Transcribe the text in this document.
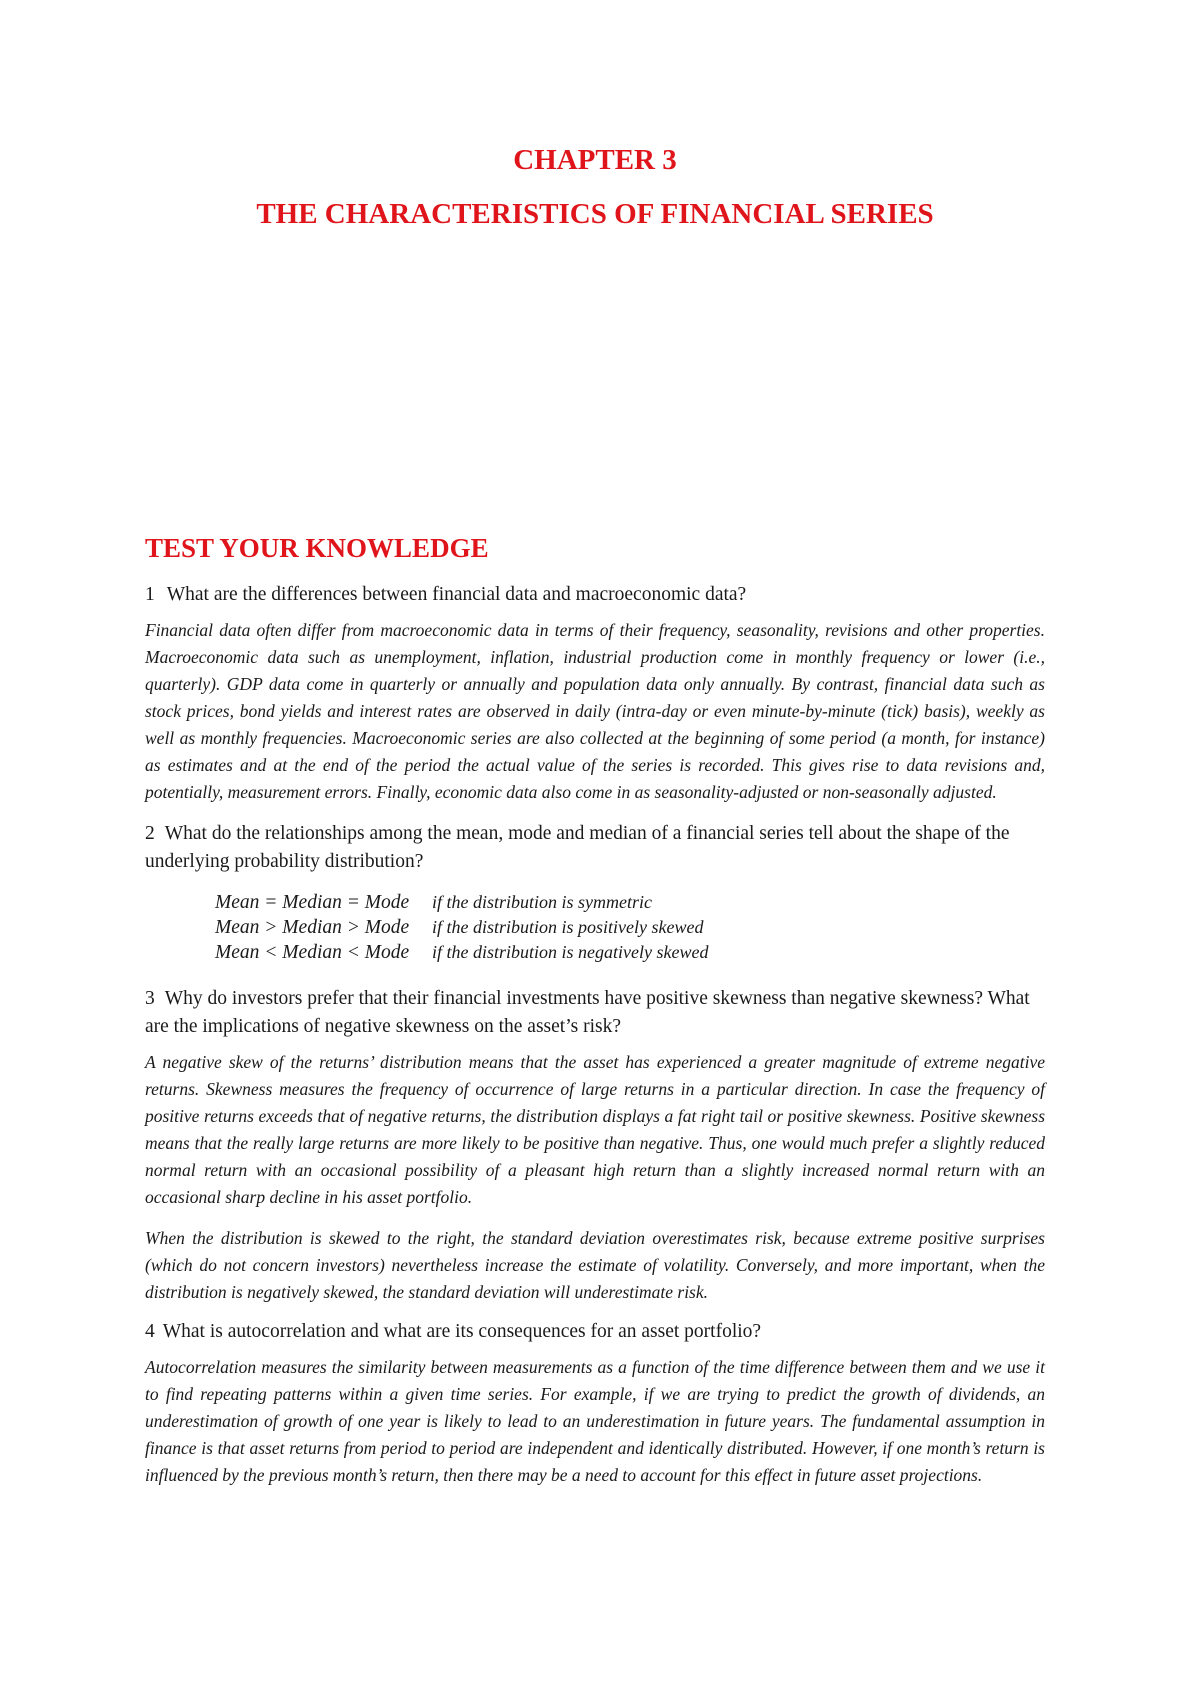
CHAPTER 3
THE CHARACTERISTICS OF FINANCIAL SERIES
TEST YOUR KNOWLEDGE

1 What are the differences between financial data and macroeconomic data?

Financial data often differ from macroeconomic data in terms of their frequency, seasonality, revisions and other properties. Macroeconomic data such as unemployment, inflation, industrial production come in monthly frequency or lower (i.e., quarterly). GDP data come in quarterly or annually and population data only annually. By contrast, financial data such as stock prices, bond yields and interest rates are observed in daily (intra-day or even minute-by-minute (tick) basis), weekly as well as monthly frequencies. Macroeconomic series are also collected at the beginning of some period (a month, for instance) as estimates and at the end of the period the actual value of the series is recorded. This gives rise to data revisions and, potentially, measurement errors. Finally, economic data also come in as seasonality-adjusted or non-seasonally adjusted.

2 What do the relationships among the mean, mode and median of a financial series tell about the shape of the underlying probability distribution?

Mean = Median = Mode	if the distribution is symmetric
Mean > Median > Mode	if the distribution is positively skewed
Mean < Median < Mode	if the distribution is negatively skewed

3 Why do investors prefer that their financial investments have positive skewness than negative skewness? What are the implications of negative skewness on the asset’s risk?

A negative skew of the returns’ distribution means that the asset has experienced a greater magnitude of extreme negative returns. Skewness measures the frequency of occurrence of large returns in a particular direction. In case the frequency of positive returns exceeds that of negative returns, the distribution displays a fat right tail or positive skewness. Positive skewness means that the really large returns are more likely to be positive than negative. Thus, one would much prefer a slightly reduced normal return with an occasional possibility of a pleasant high return than a slightly increased normal return with an occasional sharp decline in his asset portfolio.

When the distribution is skewed to the right, the standard deviation overestimates risk, because extreme positive surprises (which do not concern investors) nevertheless increase the estimate of volatility. Conversely, and more important, when the distribution is negatively skewed, the standard deviation will underestimate risk.

4 What is autocorrelation and what are its consequences for an asset portfolio?

Autocorrelation measures the similarity between measurements as a function of the time difference between them and we use it to find repeating patterns within a given time series. For example, if we are trying to predict the growth of dividends, an underestimation of growth of one year is likely to lead to an underestimation in future years. The fundamental assumption in finance is that asset returns from period to period are independent and identically distributed. However, if one month’s return is influenced by the previous month’s return, then there may be a need to account for this effect in future asset projections.
